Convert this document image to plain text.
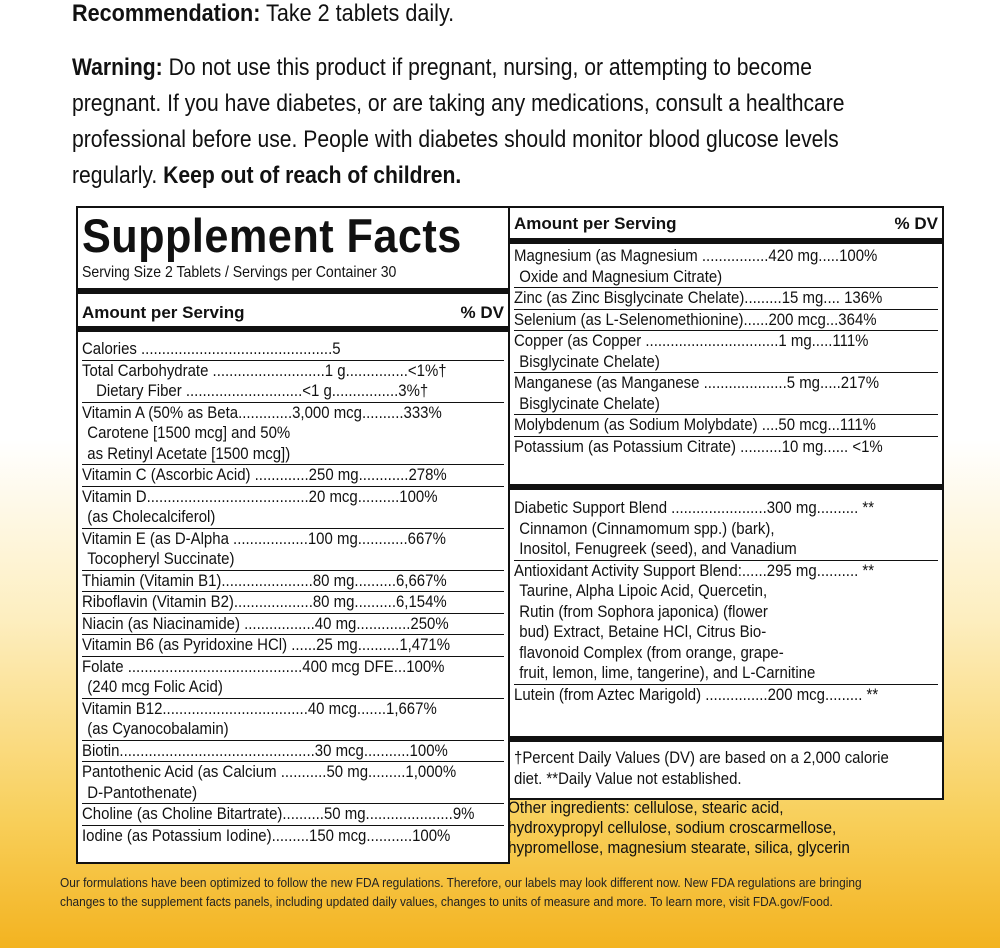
Recommendation: Take 2 tablets daily.

Warning: Do not use this product if pregnant, nursing, or attempting to become
pregnant. If you have diabetes, or are taking any medications, consult a healthcare
professional before use. People with diabetes should monitor blood glucose levels
regularly. Keep out of reach of children.
Supplement Facts
Serving Size 2 Tablets / Servings per Container 30
Amount per Serving	% DV
Calories ..............................................5
Total Carbohydrate ...........................1 g...............<1%†
Dietary Fiber ............................<1 g................3%†
Vitamin A (50% as Beta.............3,000 mcg..........333%
Carotene [1500 mcg] and 50%
as Retinyl Acetate [1500 mcg])
Vitamin C (Ascorbic Acid) .............250 mg............278%
Vitamin D.......................................20 mcg..........100%
(as Cholecalciferol)
Vitamin E (as D-Alpha ..................100 mg............667%
Tocopheryl Succinate)
Thiamin (Vitamin B1)......................80 mg..........6,667%
Riboflavin (Vitamin B2)...................80 mg..........6,154%
Niacin (as Niacinamide) .................40 mg.............250%
Vitamin B6 (as Pyridoxine HCl) ......25 mg..........1,471%
Folate ..........................................400 mcg DFE...100%
(240 mcg Folic Acid)
Vitamin B12...................................40 mcg.......1,667%
(as Cyanocobalamin)
Biotin...............................................30 mcg...........100%
Pantothenic Acid (as Calcium ...........50 mg.........1,000%
D-Pantothenate)
Choline (as Choline Bitartrate)..........50 mg.....................9%
Iodine (as Potassium Iodine).........150 mcg...........100%
Amount per Serving	% DV
Magnesium (as Magnesium ................420 mg.....100%
Oxide and Magnesium Citrate)
Zinc (as Zinc Bisglycinate Chelate).........15 mg.... 136%
Selenium (as L-Selenomethionine)......200 mcg...364%
Copper (as Copper ................................1 mg.....111%
Bisglycinate Chelate)
Manganese (as Manganese ....................5 mg.....217%
Bisglycinate Chelate)
Molybdenum (as Sodium Molybdate) ....50 mcg...111%
Potassium (as Potassium Citrate) ..........10 mg...... <1%
Diabetic Support Blend .......................300 mg.......... **
Cinnamon (Cinnamomum spp.) (bark),
Inositol, Fenugreek (seed), and Vanadium
Antioxidant Activity Support Blend:......295 mg.......... **
Taurine, Alpha Lipoic Acid, Quercetin,
Rutin (from Sophora japonica) (flower
bud) Extract, Betaine HCl, Citrus Bio-
flavonoid Complex (from orange, grape-
fruit, lemon, lime, tangerine), and L-Carnitine
Lutein (from Aztec Marigold) ...............200 mcg......... **
†Percent Daily Values (DV) are based on a 2,000 calorie
diet. **Daily Value not established.
Other ingredients: cellulose, stearic acid,
hydroxypropyl cellulose, sodium croscarmellose,
hypromellose, magnesium stearate, silica, glycerin
Our formulations have been optimized to follow the new FDA regulations. Therefore, our labels may look different now. New FDA regulations are bringing
changes to the supplement facts panels, including updated daily values, changes to units of measure and more. To learn more, visit FDA.gov/Food.
